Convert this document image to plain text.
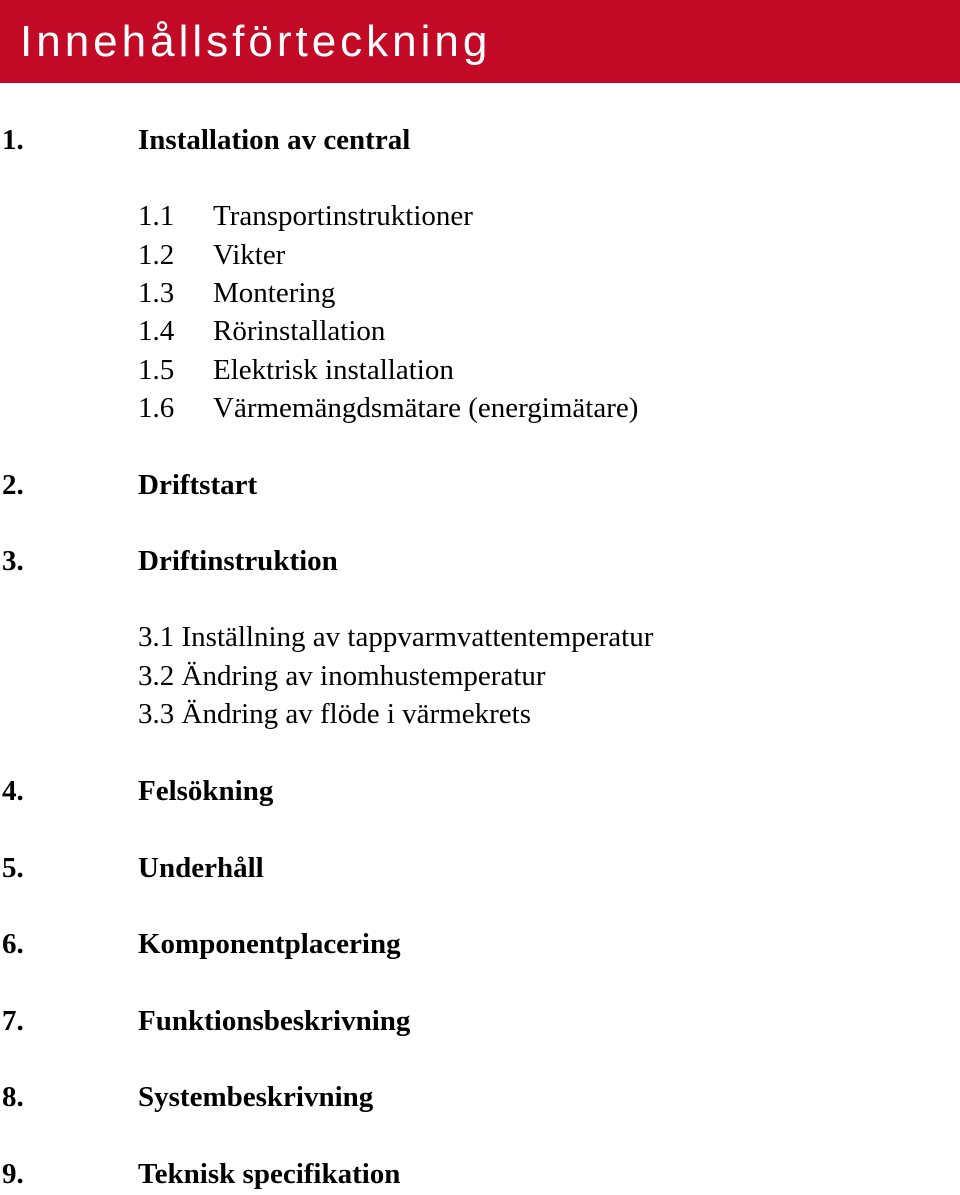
Innehållsförteckning
1.	Installation av central
1.1 Transportinstruktioner
1.2 Vikter
1.3 Montering
1.4 Rörinstallation
1.5 Elektrisk installation
1.6 Värmemängdsmätare (energimätare)
2.	Driftstart
3.	Driftinstruktion
3.1 Inställning av tappvarmvattentemperatur
3.2 Ändring av inomhustemperatur
3.3 Ändring av flöde i värmekrets
4.	Felsökning
5.	Underhåll
6.	Komponentplacering
7.	Funktionsbeskrivning
8.	Systembeskrivning
9.	Teknisk specifikation
